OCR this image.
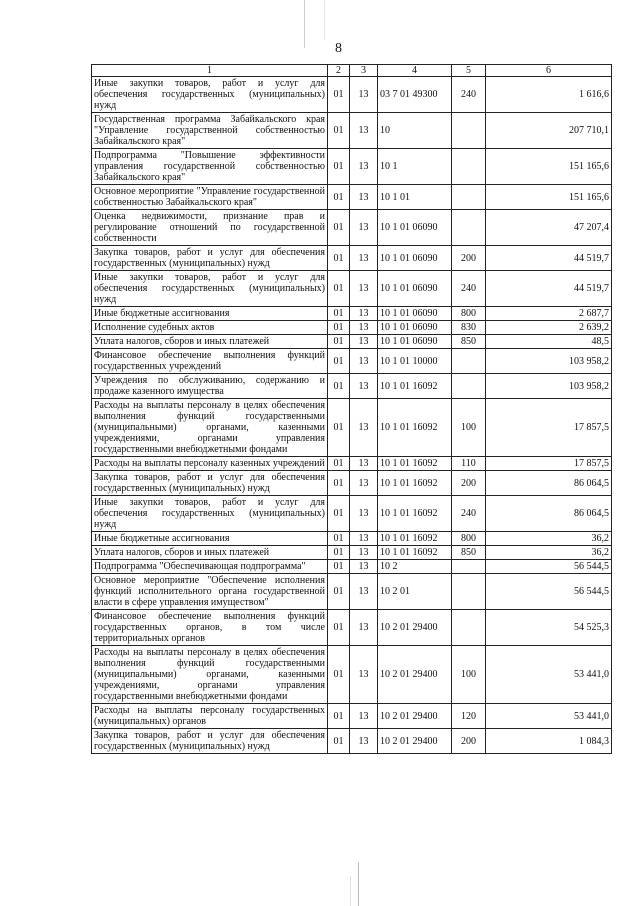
8
1	2	3	4	5	6
Иные закупки товаров, работ и услуг для обеспечения государственных (муниципальных) нужд	01	13	03 7 01 49300	240	1 616,6
Государственная программа Забайкальского края "Управление государственной собственностью Забайкальского края"	01	13	10		207 710,1
Подпрограмма "Повышение эффективности управления государственной собственностью Забайкальского края"	01	13	10 1		151 165,6
Основное мероприятие "Управление государственной собственностью Забайкальского края"	01	13	10 1 01		151 165,6
Оценка недвижимости, признание прав и регулирование отношений по государственной собственности	01	13	10 1 01 06090		47 207,4
Закупка товаров, работ и услуг для обеспечения государственных (муниципальных) нужд	01	13	10 1 01 06090	200	44 519,7
Иные закупки товаров, работ и услуг для обеспечения государственных (муниципальных) нужд	01	13	10 1 01 06090	240	44 519,7
Иные бюджетные ассигнования	01	13	10 1 01 06090	800	2 687,7
Исполнение судебных актов	01	13	10 1 01 06090	830	2 639,2
Уплата налогов, сборов и иных платежей	01	13	10 1 01 06090	850	48,5
Финансовое обеспечение выполнения функций государственных учреждений	01	13	10 1 01 10000		103 958,2
Учреждения по обслуживанию, содержанию и продаже казенного имущества	01	13	10 1 01 16092		103 958,2
Расходы на выплаты персоналу в целях обеспечения выполнения функций государственными (муниципальными) органами, казенными учреждениями, органами управления государственными внебюджетными фондами	01	13	10 1 01 16092	100	17 857,5
Расходы на выплаты персоналу казенных учреждений	01	13	10 1 01 16092	110	17 857,5
Закупка товаров, работ и услуг для обеспечения государственных (муниципальных) нужд	01	13	10 1 01 16092	200	86 064,5
Иные закупки товаров, работ и услуг для обеспечения государственных (муниципальных) нужд	01	13	10 1 01 16092	240	86 064,5
Иные бюджетные ассигнования	01	13	10 1 01 16092	800	36,2
Уплата налогов, сборов и иных платежей	01	13	10 1 01 16092	850	36,2
Подпрограмма "Обеспечивающая подпрограмма"	01	13	10 2		56 544,5
Основное мероприятие "Обеспечение исполнения функций исполнительного органа государственной власти в сфере управления имуществом"	01	13	10 2 01		56 544,5
Финансовое обеспечение выполнения функций государственных органов, в том числе территориальных органов	01	13	10 2 01 29400		54 525,3
Расходы на выплаты персоналу в целях обеспечения выполнения функций государственными (муниципальными) органами, казенными учреждениями, органами управления государственными внебюджетными фондами	01	13	10 2 01 29400	100	53 441,0
Расходы на выплаты персоналу государственных (муниципальных) органов	01	13	10 2 01 29400	120	53 441,0
Закупка товаров, работ и услуг для обеспечения государственных (муниципальных) нужд	01	13	10 2 01 29400	200	1 084,3
